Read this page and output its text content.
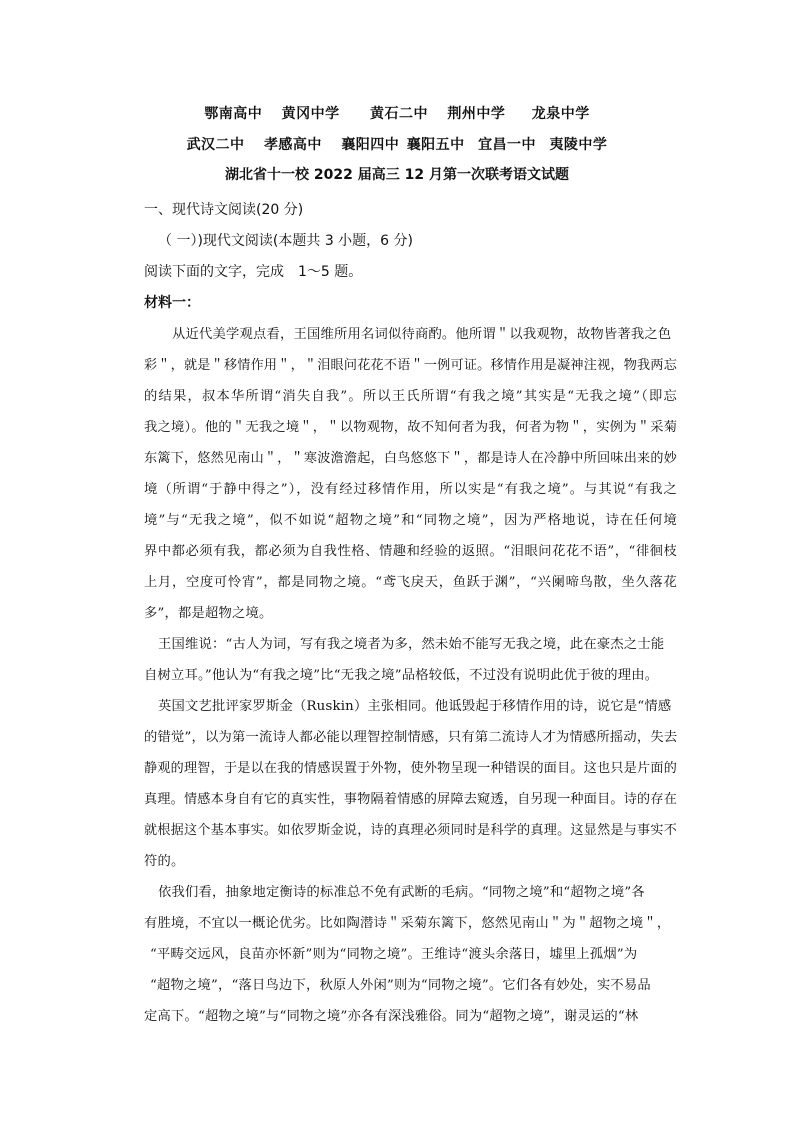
鄂南高中 黄冈中学 黄石二中 荆州中学 龙泉中学
武汉二中 孝感高中 襄阳四中 襄阳五中 宜昌一中 夷陵中学
湖北省十一校 2022 届高三 12 月第一次联考语文试题
一、现代诗文阅读(20 分)
（ 一）)现代文阅读(本题共 3 小题，6 分)
阅读下面的文字，完成　1～5 题。
材料一：
从近代美学观点看，王国维所用名词似待商酌。他所谓＂以我观物，故物皆著我之色
彩＂，就是＂移情作用＂，＂泪眼问花花不语＂一例可证。移情作用是凝神注视，物我两忘
的结果，叔本华所谓“消失自我”。所以王氏所谓“有我之境”其实是“无我之境”（即忘
我之境）。他的＂无我之境＂，＂以物观物，故不知何者为我，何者为物＂，实例为＂采菊
东篱下，悠然见南山＂，＂寒波澹澹起，白鸟悠悠下＂，都是诗人在冷静中所回味出来的妙
境（所谓“于静中得之”），没有经过移情作用，所以实是“有我之境”。与其说“有我之
境”与“无我之境”，似不如说“超物之境”和“同物之境”，因为严格地说，诗在任何境
界中都必须有我，都必须为自我性格、情趣和经验的返照。“泪眼问花花不语”，“徘徊枝
上月，空度可怜宵”，都是同物之境。“鸢飞戾天，鱼跃于渊”，“兴阑啼鸟散，坐久落花
多”，都是超物之境。
王国维说：“古人为词，写有我之境者为多，然未始不能写无我之境，此在豪杰之士能
自树立耳。”他认为“有我之境”比“无我之境”品格较低，不过没有说明此优于彼的理由。
英国文艺批评家罗斯金（Ruskin）主张相同。他诋毁起于移情作用的诗，说它是“情感
的错觉”，以为第一流诗人都必能以理智控制情感，只有第二流诗人才为情感所摇动，失去
静观的理智，于是以在我的情感误置于外物，使外物呈现一种错误的面目。这也只是片面的
真理。情感本身自有它的真实性，事物隔着情感的屏障去窥透，自另现一种面目。诗的存在
就根据这个基本事实。如依罗斯金说，诗的真理必须同时是科学的真理。这显然是与事实不
符的。
依我们看，抽象地定衡诗的标准总不免有武断的毛病。“同物之境”和“超物之境”各
有胜境，不宜以一概论优劣。比如陶潜诗＂采菊东篱下，悠然见南山＂为＂超物之境＂，
“平畴交远风，良苗亦怀新”则为“同物之境”。王维诗“渡头余落日，墟里上孤烟”为
“超物之境”，“落日鸟边下，秋原人外闲”则为“同物之境”。它们各有妙处，实不易品
定高下。“超物之境”与“同物之境”亦各有深浅雅俗。同为“超物之境”，谢灵运的“林
